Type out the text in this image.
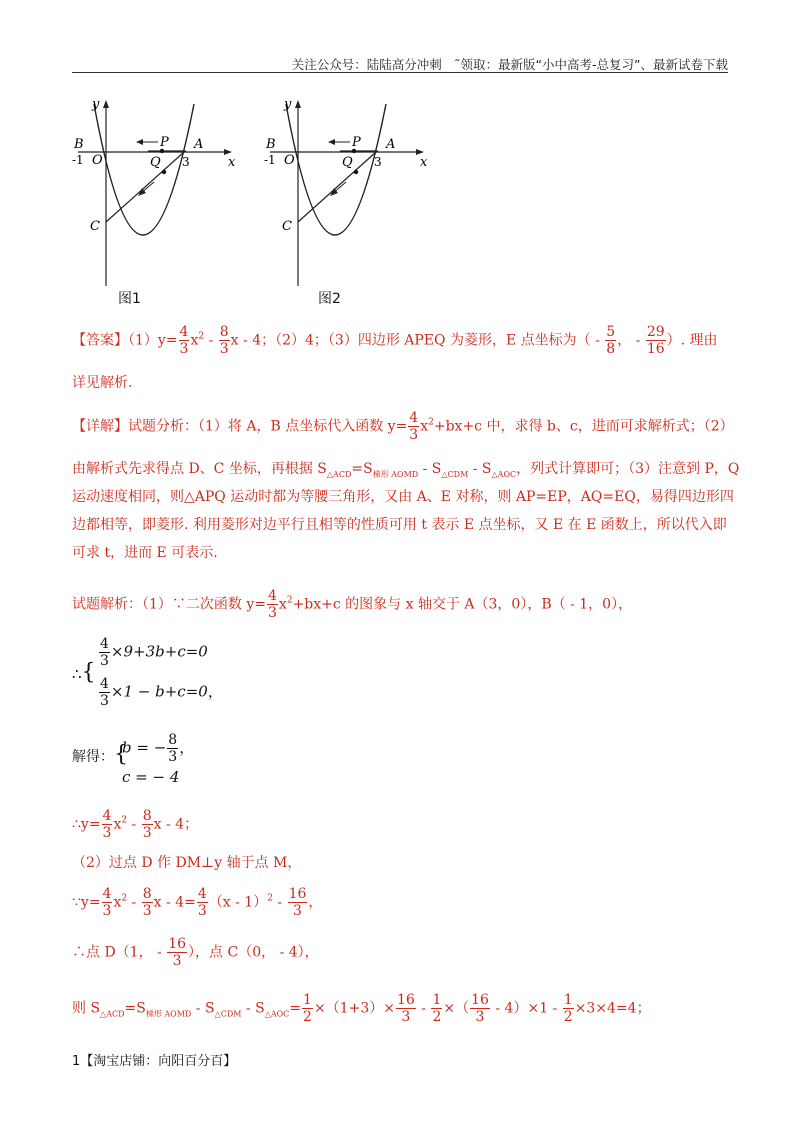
关注公众号：陆陆高分冲刺　˜领取：最新版“小中高考-总复习”、最新试卷下载
y
x
B
-1 O
P A
Q 3
C
图1
y
x
B
-1 O
P A
Q 3
C
图2
【答案】$(1)y= \frac{4}{3} x^2 - \frac{8}{3}$ x - 4；（2）4；（3）四边形 APEQ 为菱形，E 点坐标为（ - $\frac{5}{8}$ ， - $\frac{29}{16}$ ）. 理由
详见解析.
【详解】试题分析：（1）将 A，B 点坐标代入函数 $y= \frac{4}{3} x^2+bx+c$ 中，求得 b、c，进而可求解析式；（2）
由解析式先求得点 D、C 坐标，再根据 $S_{\triangle ACD}=S_{梯形 AOMD} - S_{\triangle CDM} - S_{\triangle AOC}$，列式计算即可；（3）注意到 P，Q
运动速度相同，则△APQ 运动时都为等腰三角形，又由 A、E 对称，则 AP=EP，AQ=EQ，易得四边形四
边都相等，即菱形. 利用菱形对边平行且相等的性质可用 t 表示 E 点坐标，又 E 在 E 函数上，所以代入即
可求 t，进而 E 可表示.
试题解析：（1）∵二次函数 $y= \frac{4}{3} x^2+bx+c$ 的图象与 x 轴交于 A（3，0），B（ - 1，0），
$\frac{4}{3} \times 9+3b+c=0$
∴{
$\frac{4}{3} \times 1 - b+c=0$，
解得：{
b = − $\frac{8}{3}$ ，
c = − 4
∴y= $\frac{4}{3} x^2 - \frac{8}{3}$ x - 4；
（2）过点 D 作 DM⊥y 轴于点 M，
∵y= $\frac{4}{3} x^2 - \frac{8}{3}$ $x - 4= \frac{4}{3} (x - 1)^2 - \frac{16}{3}$ ，
∴点 D（1， - $\frac{16}{3}$ ），点 C（0， - 4），
则 $S_{\triangle ACD}=S_{梯形 AOMD} - S_{\triangle CDM} - S_{\triangle AOC}= \frac{1}{2} \times(1+3)\times \frac{16}{3} - \frac{1}{2}$ ×（ $\frac{16}{3} - 4)\times 1 - \frac{1}{2} \times 3\times 4=4$；
1【淘宝店铺：向阳百分百】
